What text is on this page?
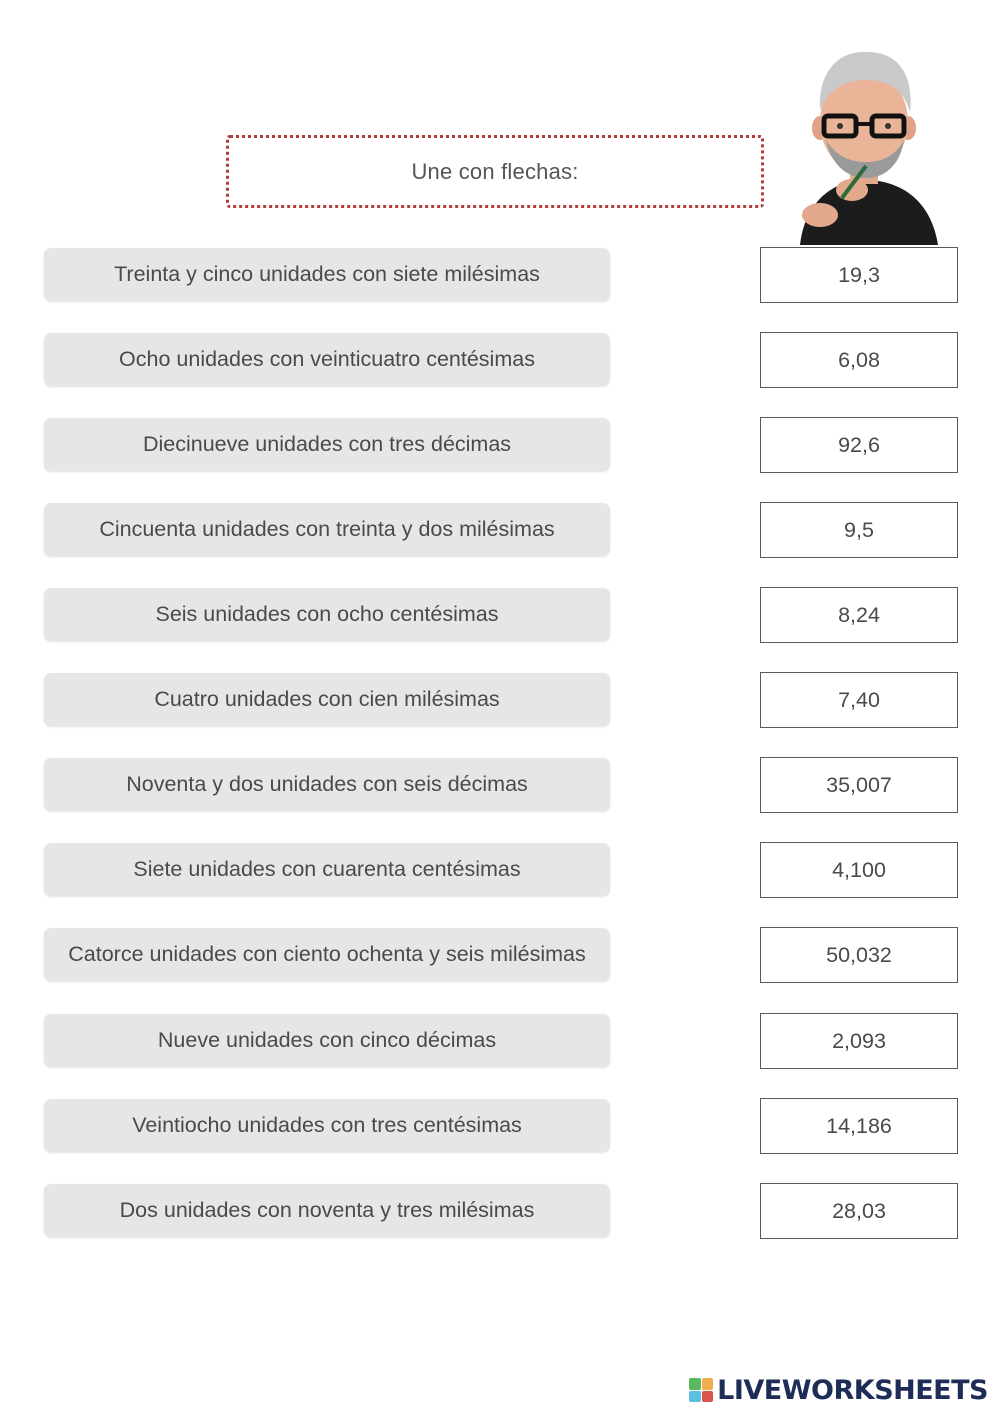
Une con flechas:
Treinta y cinco unidades con siete milésimas
Ocho unidades con veinticuatro centésimas
Diecinueve unidades con tres décimas
Cincuenta unidades con treinta y dos milésimas
Seis unidades con ocho centésimas
Cuatro unidades con cien milésimas
Noventa y dos unidades con seis décimas
Siete unidades con cuarenta centésimas
Catorce unidades con ciento ochenta y seis milésimas
Nueve unidades con cinco décimas
Veintiocho unidades con tres centésimas
Dos unidades con noventa y tres milésimas
19,3
6,08
92,6
9,5
8,24
7,40
35,007
4,100
50,032
2,093
14,186
28,03
LIVEWORKSHEETS
